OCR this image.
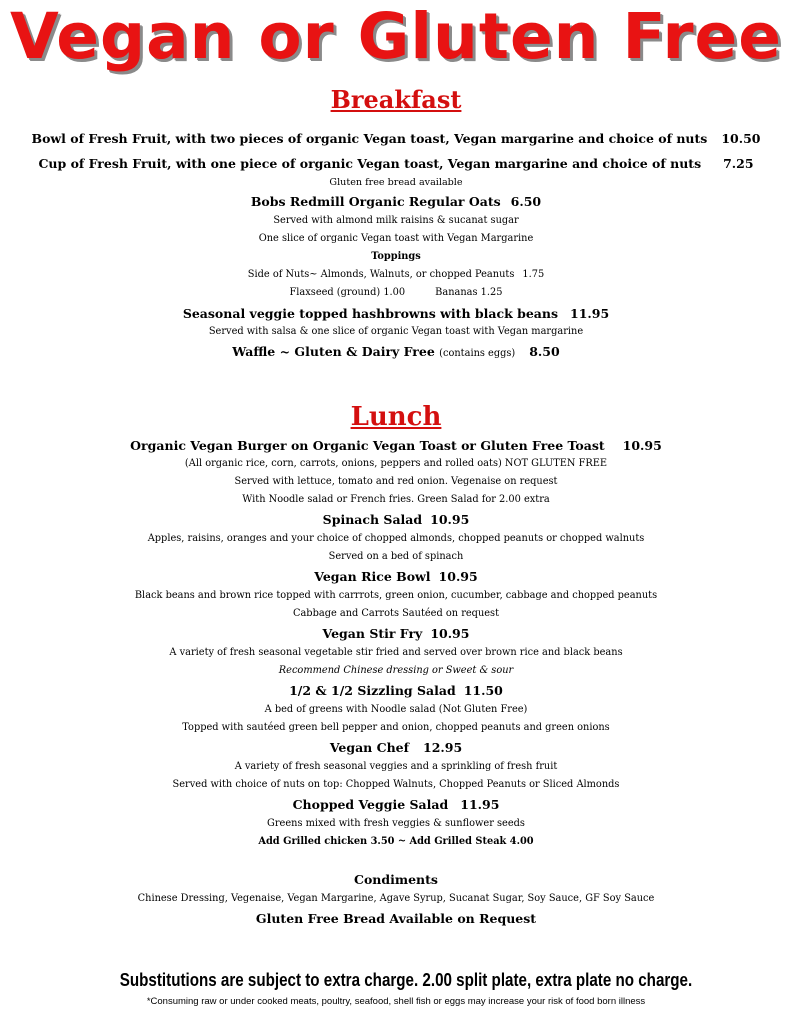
Vegan or Gluten Free
Breakfast
Bowl of Fresh Fruit, with two pieces of organic Vegan toast, Vegan margarine and choice of nuts 10.50
Cup of Fresh Fruit, with one piece of organic Vegan toast, Vegan margarine and choice of nuts 7.25
Gluten free bread available
Bobs Redmill Organic Regular Oats 6.50
Served with almond milk raisins & sucanat sugar
One slice of organic Vegan toast with Vegan Margarine
Toppings
Side of Nuts~ Almonds, Walnuts, or chopped Peanuts 1.75
Flaxseed (ground) 1.00	Bananas 1.25
Seasonal veggie topped hashbrowns with black beans 11.95
Served with salsa & one slice of organic Vegan toast with Vegan margarine
Waffle ~ Gluten & Dairy Free (contains eggs) 8.50
Lunch
Organic Vegan Burger on Organic Vegan Toast or Gluten Free Toast 10.95
(All organic rice, corn, carrots, onions, peppers and rolled oats) NOT GLUTEN FREE
Served with lettuce, tomato and red onion. Vegenaise on request
With Noodle salad or French fries. Green Salad for 2.00 extra
Spinach Salad 10.95
Apples, raisins, oranges and your choice of chopped almonds, chopped peanuts or chopped walnuts
Served on a bed of spinach
Vegan Rice Bowl 10.95
Black beans and brown rice topped with carrrots, green onion, cucumber, cabbage and chopped peanuts
Cabbage and Carrots Sautéed on request
Vegan Stir Fry 10.95
A variety of fresh seasonal vegetable stir fried and served over brown rice and black beans
Recommend Chinese dressing or Sweet & sour
1/2 & 1/2 Sizzling Salad 11.50
A bed of greens with Noodle salad (Not Gluten Free)
Topped with sautéed green bell pepper and onion, chopped peanuts and green onions
Vegan Chef 12.95
A variety of fresh seasonal veggies and a sprinkling of fresh fruit
Served with choice of nuts on top: Chopped Walnuts, Chopped Peanuts or Sliced Almonds
Chopped Veggie Salad 11.95
Greens mixed with fresh veggies & sunflower seeds
Add Grilled chicken 3.50 ~ Add Grilled Steak 4.00
Condiments
Chinese Dressing, Vegenaise, Vegan Margarine, Agave Syrup, Sucanat Sugar, Soy Sauce, GF Soy Sauce
Gluten Free Bread Available on Request
Substitutions are subject to extra charge. 2.00 split plate, extra plate no charge.
*Consuming raw or under cooked meats, poultry, seafood, shell fish or eggs may increase your risk of food born illness
